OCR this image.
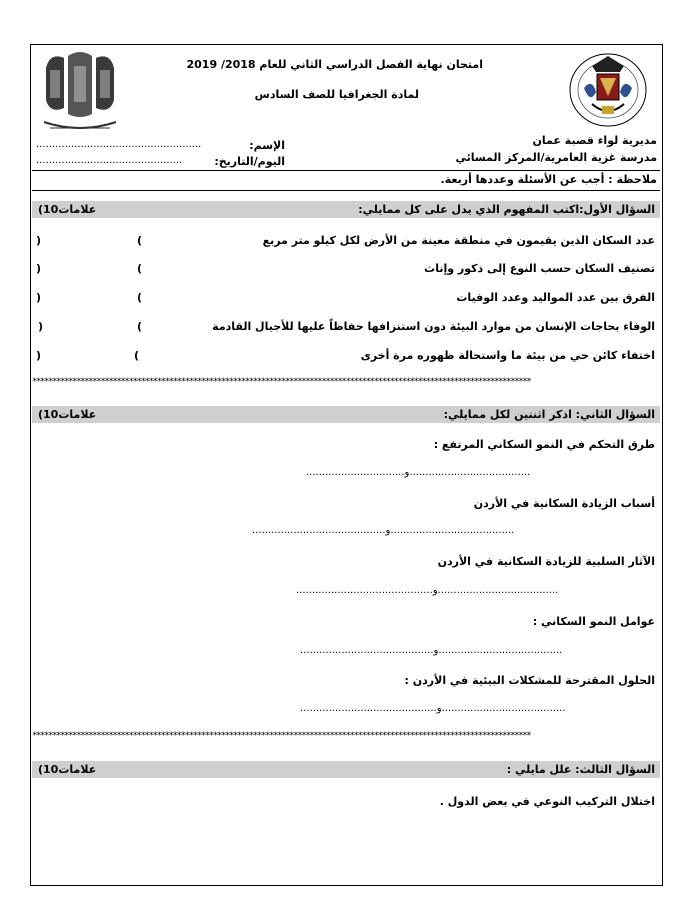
امتحان نهاية الفصل الدراسي الثاني للعام 2018/ 2019
لمادة الجغرافيا للصف السادس
مديرية لواء قصبة عمان
مدرسة غزية العامرية/المركز المسائي
الإسم:
....................................................
اليوم/التاريخ:
..............................................
ملاحظة : أجب عن الأسئلة وعددها أربعة.
السؤال الأول:اكتب المفهوم الذي يدل على كل ممايلي:
(10علامات
عدد السكان الذين يقيمون في منطقة معينة من الأرض لكل كيلو متر مربع
(
)
تصنيف السكان حسب النوع إلى ذكور وإناث
(
)
الفرق بين عدد المواليد وعدد الوفيات
(
)
الوفاء بحاجات الإنسان من موارد البيئة دون استنزافها حفاظاً عليها للأجيال القادمة
(
)
اختفاء كائن حي من بيئة ما واستحالة ظهوره مرة أخرى
(
)
****************************************************************************************************************************
السؤال الثاني: اذكر اثنتين لكل ممايلي:
(10علامات
طرق التحكم في النمو السكاني المرتفع :
...............................و......................................
أسباب الزيادة السكانية في الأردن
..........................................و.......................................
الآثار السلبية للزيادة السكانية في الأردن
...........................................و......................................
عوامل النمو السكاني :
..........................................و.......................................
الحلول المقترحة للمشكلات البيئية في الأردن :
...........................................و.......................................
****************************************************************************************************************************
السؤال الثالث: علل مايلي :
(10علامات
اختلال التركيب النوعي في بعض الدول .
